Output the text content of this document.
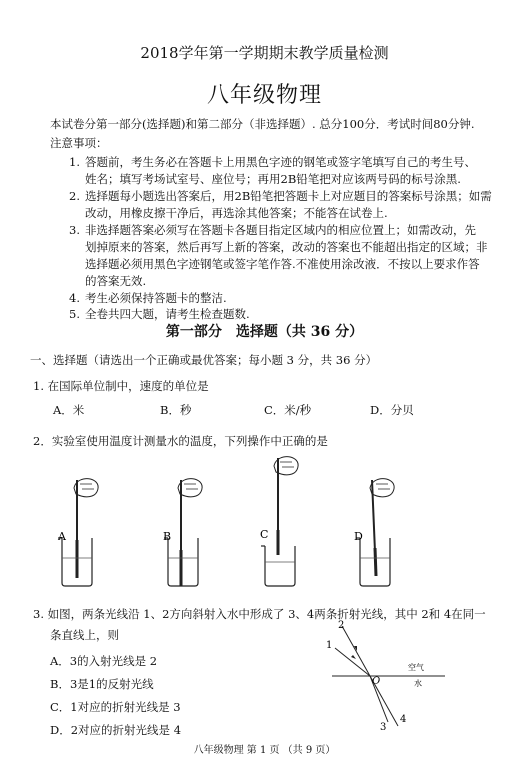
2018学年第一学期期末教学质量检测
八年级物理
本试卷分第一部分(选择题)和第二部分（非选择题）. 总分100分．考试时间80分钟.
注意事项：
1. 答题前，考生务必在答题卡上用黑色字迹的钢笔或签字笔填写自己的考生号、
姓名；填写考场试室号、座位号；再用2B铅笔把对应该两号码的标号涂黑.
2. 选择题每小题选出答案后，用2B铅笔把答题卡上对应题目的答案标号涂黑；如需
改动，用橡皮擦干净后，再选涂其他答案；不能答在试卷上.
3. 非选择题答案必须写在答题卡各题目指定区域内的相应位置上；如需改动，先
划掉原来的答案，然后再写上新的答案，改动的答案也不能超出指定的区域；非
选择题必须用黑色字迹钢笔或签字笔作答.不准使用涂改液．不按以上要求作答
的答案无效.
4. 考生必须保持答题卡的整洁.
5. 全卷共四大题，请考生检查题数.
第一部分　选择题（共 36 分）
一、选择题（请选出一个正确或最优答案；每小题 3 分，共 36 分）
1. 在国际单位制中，速度的单位是
A．米	B．秒	C．米/秒	D．分贝
2．实验室使用温度计测量水的温度，下列操作中正确的是
A	B	C	D
3. 如图，两条光线沿 1、2方向斜射入水中形成了 3、4两条折射光线，其中 2和 4在同一
条直线上，则
A．3的入射光线是 2
B．3是1的反射光线
C．1对应的折射光线是 3
D．2对应的折射光线是 4
1
2
3
4
O
空气
水
八年级物理 第 1 页 （共 9 页）
